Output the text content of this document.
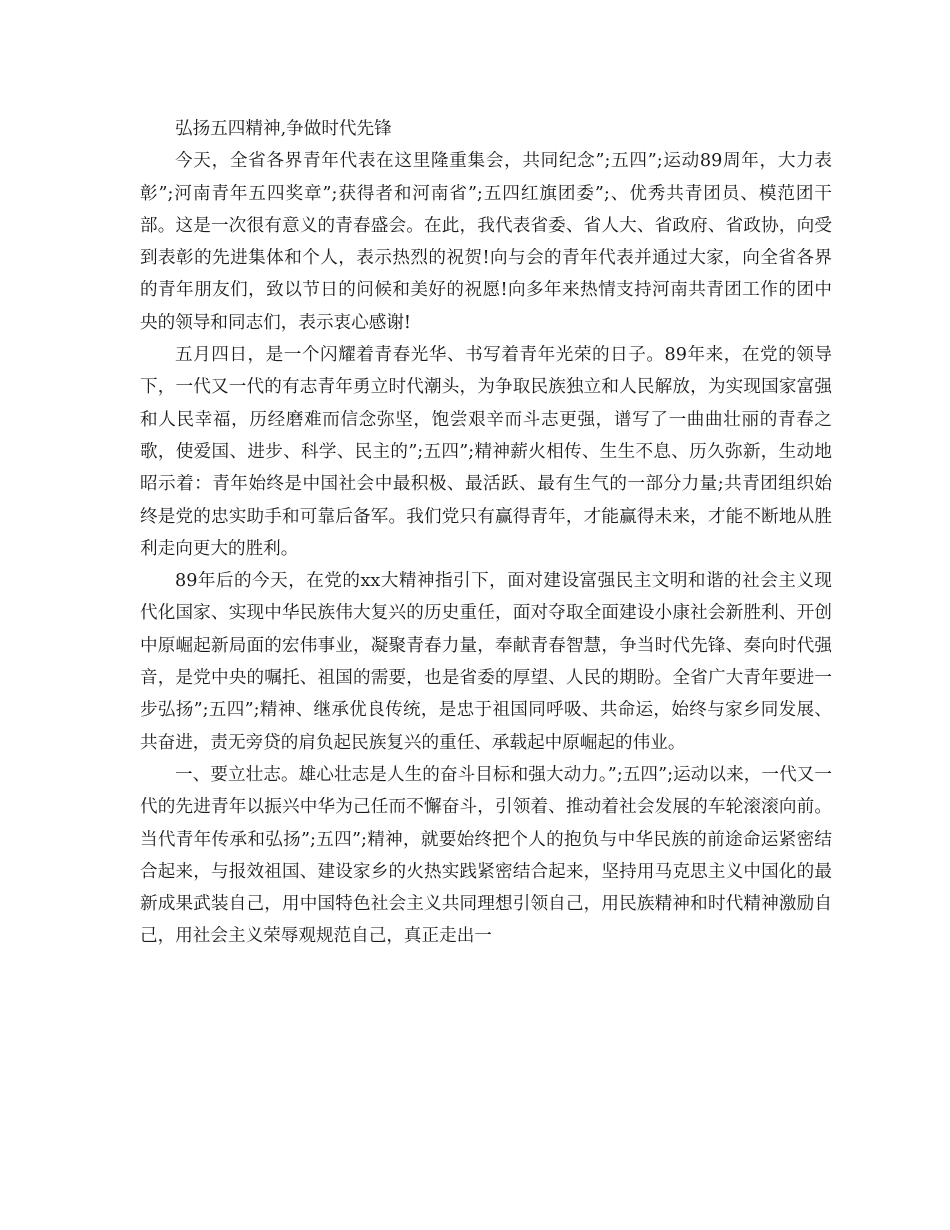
弘扬五四精神,争做时代先锋

今天，全省各界青年代表在这里隆重集会，共同纪念”;五四”;运动89周年，大力表彰”;河南青年五四奖章”;获得者和河南省”;五四红旗团委”;、优秀共青团员、模范团干部。这是一次很有意义的青春盛会。在此，我代表省委、省人大、省政府、省政协，向受到表彰的先进集体和个人，表示热烈的祝贺!向与会的青年代表并通过大家，向全省各界的青年朋友们，致以节日的问候和美好的祝愿!向多年来热情支持河南共青团工作的团中央的领导和同志们，表示衷心感谢!

五月四日，是一个闪耀着青春光华、书写着青年光荣的日子。89年来，在党的领导下，一代又一代的有志青年勇立时代潮头，为争取民族独立和人民解放，为实现国家富强和人民幸福，历经磨难而信念弥坚，饱尝艰辛而斗志更强，谱写了一曲曲壮丽的青春之歌，使爱国、进步、科学、民主的”;五四”;精神薪火相传、生生不息、历久弥新，生动地昭示着：青年始终是中国社会中最积极、最活跃、最有生气的一部分力量;共青团组织始终是党的忠实助手和可靠后备军。我们党只有赢得青年，才能赢得未来，才能不断地从胜利走向更大的胜利。

89年后的今天，在党的xx大精神指引下，面对建设富强民主文明和谐的社会主义现代化国家、实现中华民族伟大复兴的历史重任，面对夺取全面建设小康社会新胜利、开创中原崛起新局面的宏伟事业，凝聚青春力量，奉献青春智慧，争当时代先锋、奏向时代强音，是党中央的嘱托、祖国的需要，也是省委的厚望、人民的期盼。全省广大青年要进一步弘扬”;五四”;精神、继承优良传统，是忠于祖国同呼吸、共命运，始终与家乡同发展、共奋进，责无旁贷的肩负起民族复兴的重任、承载起中原崛起的伟业。

一、要立壮志。雄心壮志是人生的奋斗目标和强大动力。”;五四”;运动以来，一代又一代的先进青年以振兴中华为己任而不懈奋斗，引领着、推动着社会发展的车轮滚滚向前。当代青年传承和弘扬”;五四”;精神，就要始终把个人的抱负与中华民族的前途命运紧密结合起来，与报效祖国、建设家乡的火热实践紧密结合起来，坚持用马克思主义中国化的最新成果武装自己，用中国特色社会主义共同理想引领自己，用民族精神和时代精神激励自己，用社会主义荣辱观规范自己，真正走出一
